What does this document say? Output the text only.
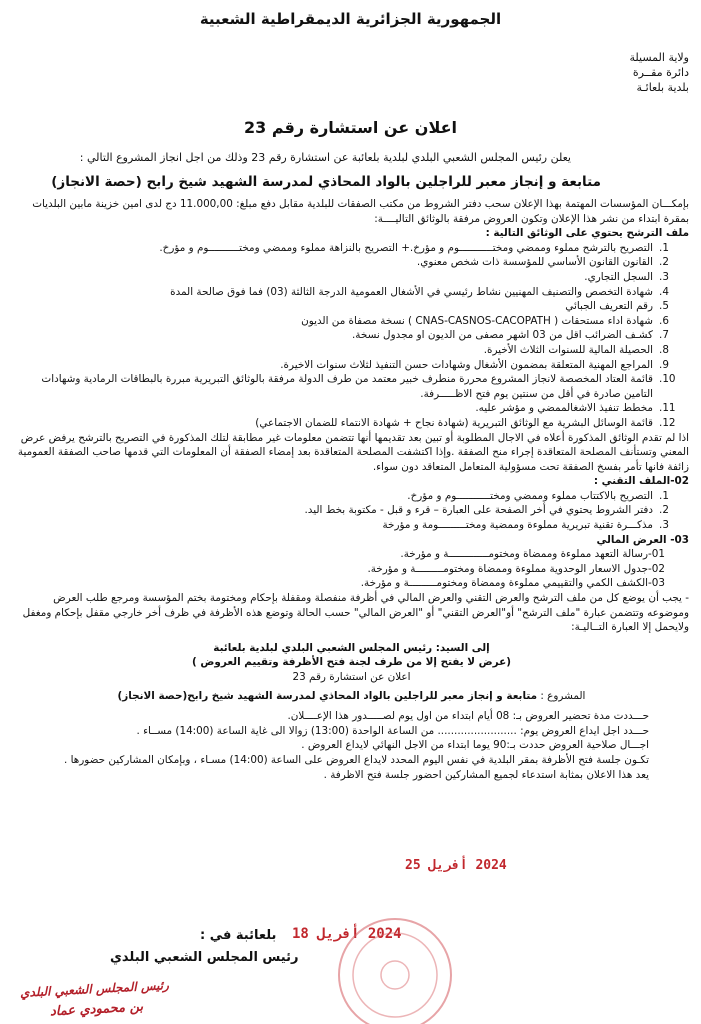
الجمهورية الجزائرية الديمقراطية الشعبية
ولاية المسيلة
دائرة مقــرة
بلدية بلعائـة
اعلان عن استشارة رقم 23
يعلن رئيس المجلس الشعبي البلدي لبلدية بلعائبة عن استشارة رقم 23 وذلك من اجل انجاز المشروع التالي :
متابعة و إنجاز معبر للراجلين بالواد المحاذي لمدرسة الشهيد شيخ رابح (حصة الانجاز)
بإمكـــان المؤسسات المهتمة بهذا الإعلان سحب دفتر الشروط من مكتب الصفقات للبلدية مقابل دفع مبلغ: 11.000,00 دج لدى امين خزينة مابين البلديات بمقرة ابتداء من نشر هذا الإعلان وتكون العروض مرفقة بالوثائق التاليــــة:
ملف الترشح يحتوي على الوثائق التالية :
1.
التصريح بالترشح مملوء وممضي ومختـــــــــــوم و مؤرخ.+ التصريح بالنزاهة مملوء وممضي ومختــــــــــوم و مؤرخ.
2.
القانون القانون الأساسي للمؤسسة ذات شخص معنوي.
3.
السجل التجاري.
4.
شهادة التخصص والتصنيف المهنيين نشاط رئيسي في الأشغال العمومية الدرجة الثالثة (03) فما فوق صالحة المدة
5.
رقم التعريف الجبائي
6.
شهادة اداء مستحقات ( CNAS-CASNOS-CACOPATH ) نسخة مصفاة من الديون
7.
كشـف الضرائب اقل من 03 اشهر مصفى من الديون او مجدول نسخة.
8.
الحصيلة المالية للسنوات الثلاث الأخيرة.
9.
المراجع المهنية المتعلقة بمضمون الأشغال وشهادات حسن التنفيذ لثلاث سنوات الاخيرة.
10.
قائمة العتاد المخصصة لانجاز المشروع محررة منطرف خبير معتمد من طرف الدولة مرفقة بالوثائق التبريرية مبررة بالبطاقات الرمادية وشهادات التامين صادرة في أقل من سنتين يوم فتح الاظـــــرفة.
11.
مخطط تنفيذ الاشغالممضي و مؤشر عليه.
12.
قائمة الوسائل البشرية مع الوثائق التبريرية (شهادة نجاح + شهادة الانتماء للضمان الاجتماعي)
اذا لم تقدم الوثائق المذكورة أعلاه في الاجال المطلوبة أو تبين بعد تقديمها أنها تتضمن معلومات غير مطابقة لتلك المذكورة في التصريح بالترشح يرفض عرض المعني وتستأنف المصلحة المتعاقدة إجراء منح الصفقة .وإذا اكتشفت المصلحة المتعاقدة بعد إمضاء الصفقة أن المعلومات التي قدمها صاحب الصفقة العمومية زائفة فانها تأمر بفسخ الصفقة تحت مسؤولية المتعامل المتعاقد دون سواء.
02-الملف التقني :
1.
التصريح بالاكتتاب مملوء وممضي ومختـــــــــــوم و مؤرخ.
2.
دفتر الشروط يحتوي في أخر الصفحة على العبارة – قرء و قبل - مكتوبة بخط اليد.
3.
مذكـــرة تقنية تبريرية مملوءة وممضية ومختـــــــــومة و مؤرخة
03- العرض المالي
01-رسالة التعهد مملوءة وممضاة ومختومـــــــــــــة و مؤرخة.
02-جدول الاسعار الوحدوية مملوءة وممضاة ومختومـــــــــة و مؤرخة.
03-الكشف الكمي والتقييمي مملوءة وممضاة ومختومـــــــــة و مؤرخة.
- يجب أن يوضع كل من ملف الترشح والعرض التقني والعرض المالي في أظرفة منفصلة ومقفلة بإحكام ومختومة بختم المؤسسة ومرجع طلب العرض وموضوعه وتتضمن عبارة "ملف الترشح" أو"العرض التقني" أو "العرض المالي" حسب الحالة وتوضع هذه الأظرفة في ظرف أخر خارجي مقفل بإحكام ومغفل ولايحمل إلا العبارة التــاليـة:
إلى السيد: رئيس المجلس الشعبي البلدي لبلدية بلعائبة
(عرض لا يفتح إلا من طرف لجنة فتح الأظرفة وتقييم العروض )
اعلان عن استشارة رقم 23
المشروع : متابعة و إنجاز معبر للراجلين بالواد المحاذي لمدرسة الشهيد شيخ رابح(حصة الانجاز)
حـــددت مدة تحضير العروض بـ: 08 أيام ابتداء من اول يوم لصـــــدور هذا الإعــــلان.
حـــدد اجل ايداع العروض يوم: ........................ من الساعة الواحدة (13:00) زوالا الى غاية الساعة (14:00) مســاء .
اجـــال صلاحية العروض حددت بـ:90 يوما ابتداء من الاجل النهائي لايداع العروض .
تكـون جلسة فتح الأظرفة بمقر البلدية في نفس اليوم المحدد لايداع العروض على الساعة (14:00) مسـاء ، وبإمكان المشاركين حضورها .
يعد هذا الاعلان بمثابة استدعاء لجميع المشاركين احضور جلسة فتح الاظرفة .
2024 أفريل 25
2024 أفريل 18
بلعائبة في :
رئيس المجلس الشعبي البلدي
رئيس المجلس الشعبي البلدي
بن محمودي عماد
